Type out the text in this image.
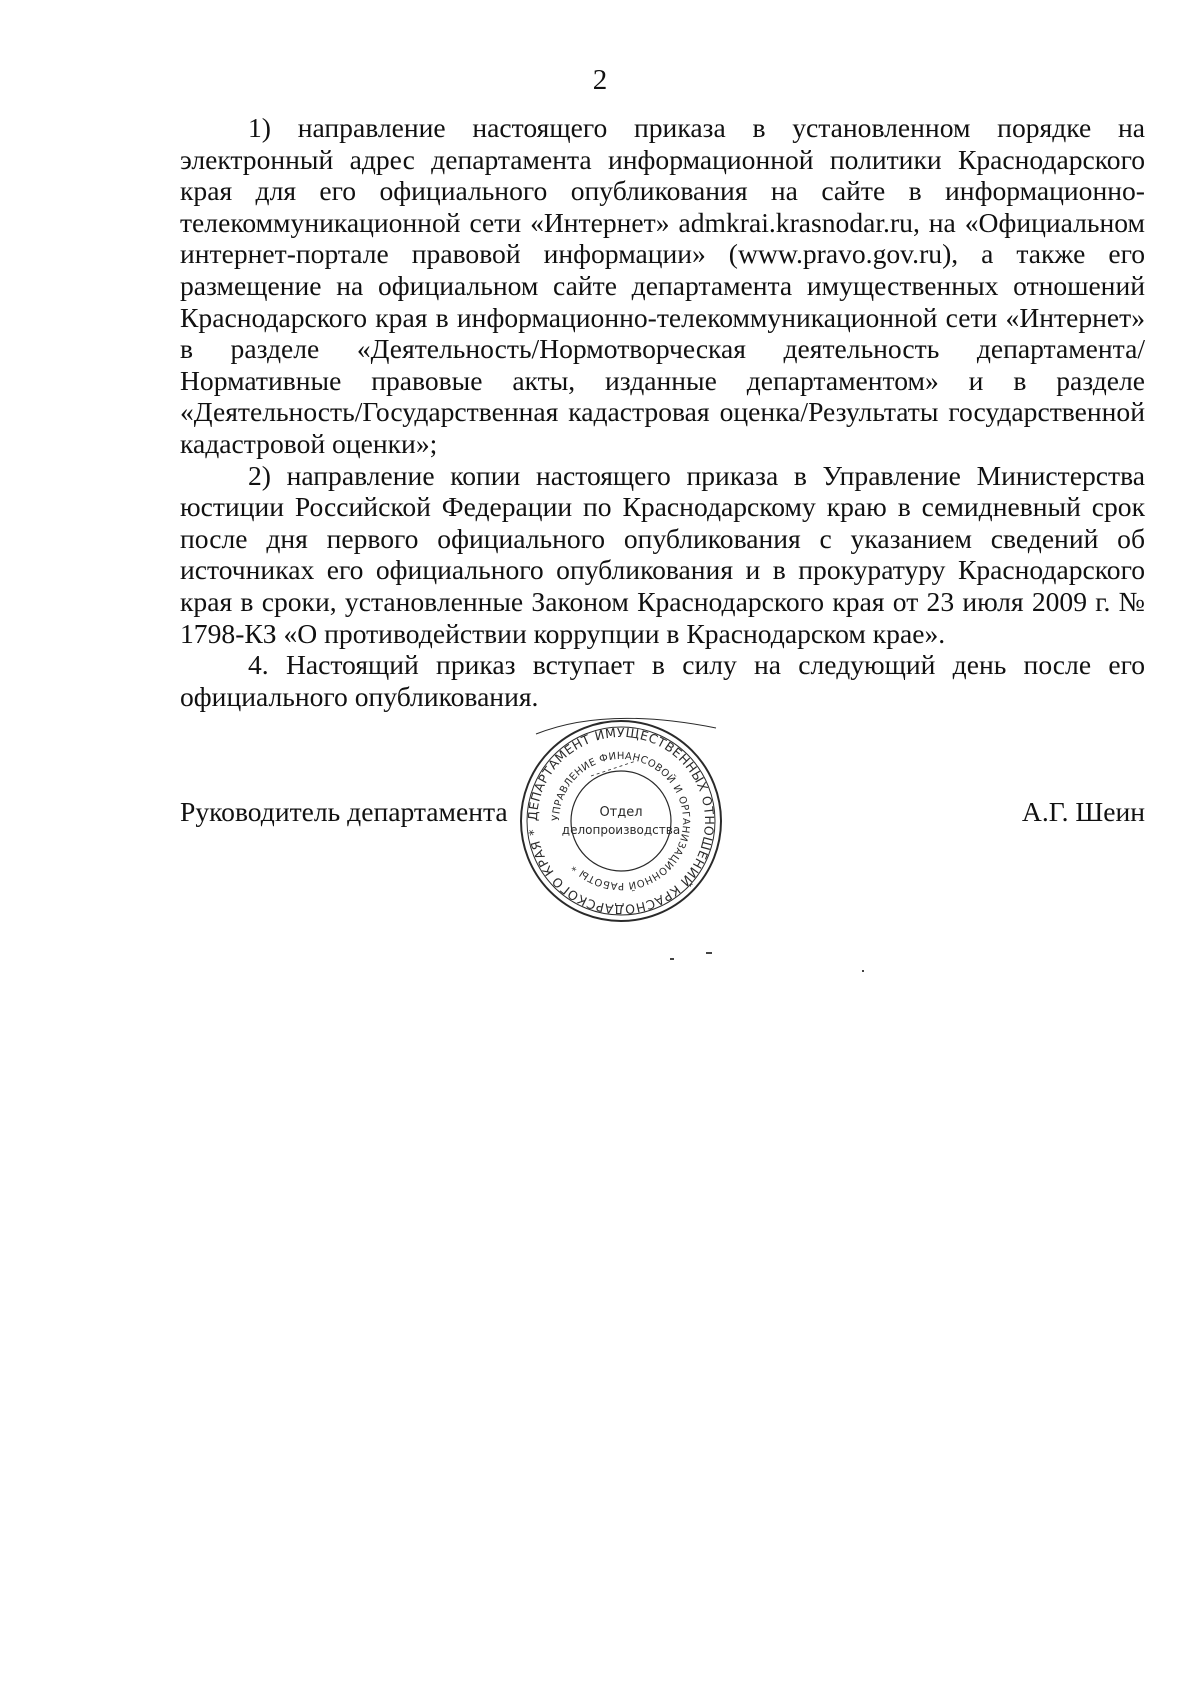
2

1) направление настоящего приказа в установленном порядке на электронный адрес департамента информационной политики Краснодарского края для его официального опубликования на сайте в информационно-телекоммуникационной сети «Интернет» admkrai.krasnodar.ru, на «Официальном интернет-портале правовой информации» (www.pravo.gov.ru), а также его размещение на официальном сайте департамента имущественных отношений Краснодарского края в информационно-телекоммуникационной сети «Интернет» в разделе «Деятельность/Нормотворческая деятельность департамента/Нормативные правовые акты, изданные департаментом» и в разделе «Деятельность/Государственная кадастровая оценка/Результаты государственной кадастровой оценки»;

2) направление копии настоящего приказа в Управление Министерства юстиции Российской Федерации по Краснодарскому краю в семидневный срок после дня первого официального опубликования с указанием сведений об источниках его официального опубликования и в прокуратуру Краснодарского края в сроки, установленные Законом Краснодарского края от 23 июля 2009 г. № 1798-КЗ «О противодействии коррупции в Краснодарском крае».

4. Настоящий приказ вступает в силу на следующий день после его официального опубликования.

Руководитель департамента	А.Г. Шеин
ДЕПАРТАМЕНТ ИМУЩЕСТВЕННЫХ ОТНОШЕНИЙ КРАСНОДАРСКОГО КРАЯ *
УПРАВЛЕНИЕ ФИНАНСОВОЙ И ОРГАНИЗАЦИОННОЙ РАБОТЫ *
Отдел
делопроизводства
